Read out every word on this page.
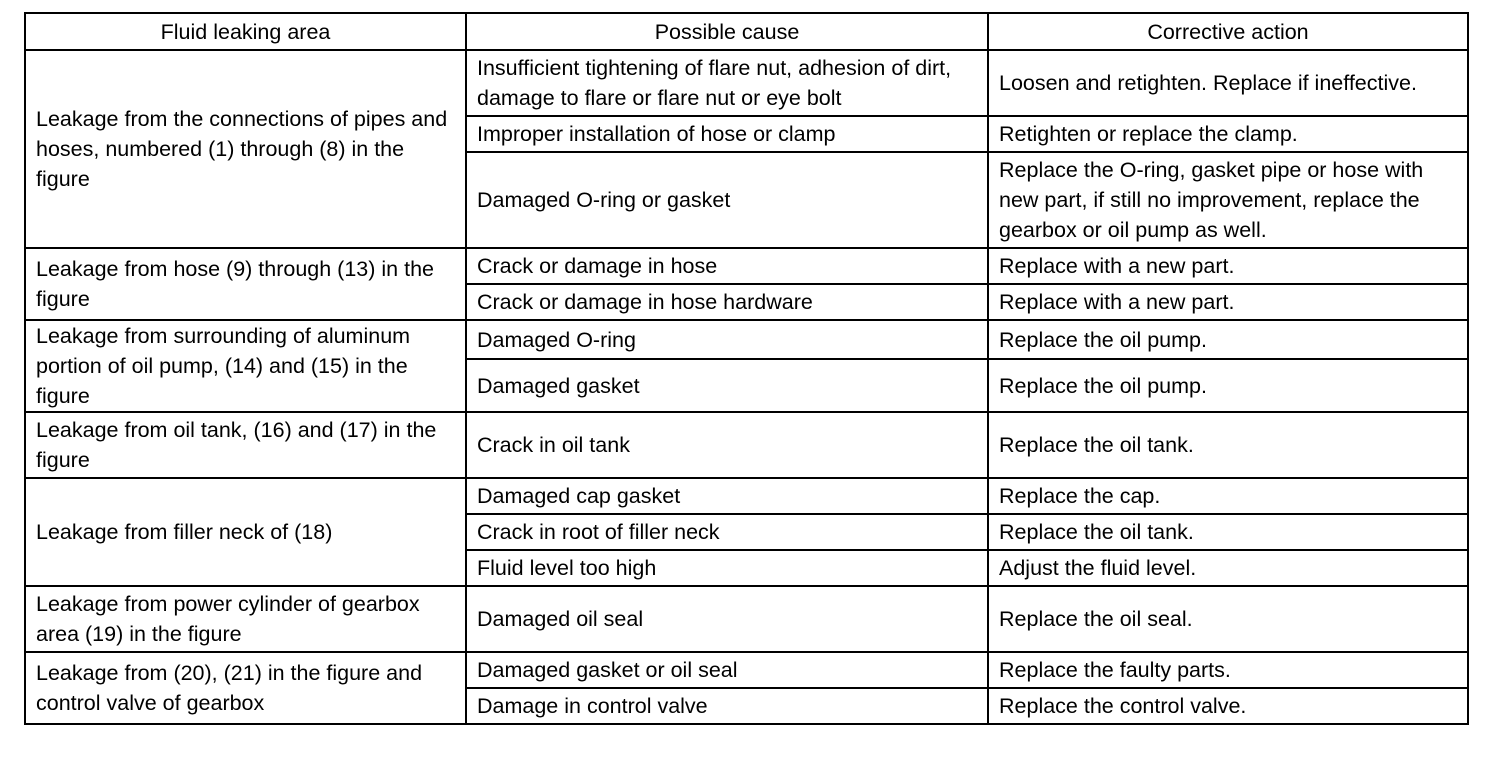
Fluid leaking area	Possible cause	Corrective action
Leakage from the connections of pipes and hoses, numbered (1) through (8) in the figure	Insufficient tightening of flare nut, adhesion of dirt, damage to flare or flare nut or eye bolt	Loosen and retighten. Replace if ineffective.
	Improper installation of hose or clamp	Retighten or replace the clamp.
	Damaged O-ring or gasket	Replace the O-ring, gasket pipe or hose with new part, if still no improvement, replace the gearbox or oil pump as well.
Leakage from hose (9) through (13) in the figure	Crack or damage in hose	Replace with a new part.
	Crack or damage in hose hardware	Replace with a new part.
Leakage from surrounding of aluminum portion of oil pump, (14) and (15) in the figure	Damaged O-ring	Replace the oil pump.
	Damaged gasket	Replace the oil pump.
Leakage from oil tank, (16) and (17) in the figure	Crack in oil tank	Replace the oil tank.
Leakage from filler neck of (18)	Damaged cap gasket	Replace the cap.
	Crack in root of filler neck	Replace the oil tank.
	Fluid level too high	Adjust the fluid level.
Leakage from power cylinder of gearbox area (19) in the figure	Damaged oil seal	Replace the oil seal.
Leakage from (20), (21) in the figure and control valve of gearbox	Damaged gasket or oil seal	Replace the faulty parts.
	Damage in control valve	Replace the control valve.
